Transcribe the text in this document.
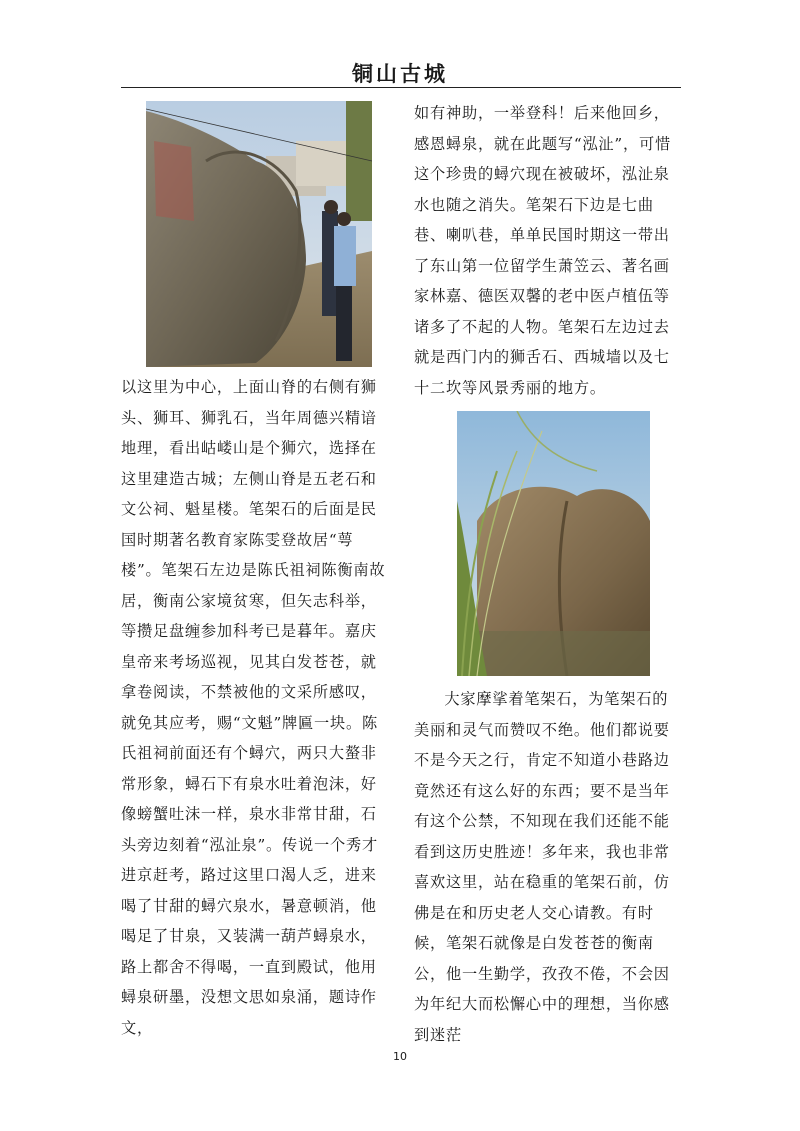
铜山古城

以这里为中心，上面山脊的右侧有狮头、狮耳、狮乳石，当年周德兴精谙地理，看出岵嵝山是个狮穴，选择在这里建造古城；左侧山脊是五老石和文公祠、魁星楼。笔架石的后面是民国时期著名教育家陈雯登故居“萼楼”。笔架石左边是陈氏祖祠陈衡南故居，衡南公家境贫寒，但矢志科举，等攒足盘缠参加科考已是暮年。嘉庆皇帝来考场巡视，见其白发苍苍，就拿卷阅读，不禁被他的文采所感叹，就免其应考，赐“文魁”牌匾一块。陈氏祖祠前面还有个蟳穴，两只大螯非常形象，蟳石下有泉水吐着泡沫，好像螃蟹吐沫一样，泉水非常甘甜，石头旁边刻着“泓沚泉”。传说一个秀才进京赶考，路过这里口渴人乏，进来喝了甘甜的蟳穴泉水，暑意顿消，他喝足了甘泉，又装满一葫芦蟳泉水，路上都舍不得喝，一直到殿试，他用蟳泉研墨，没想文思如泉涌，题诗作文，

如有神助，一举登科！后来他回乡，感恩蟳泉，就在此题写“泓沚”，可惜这个珍贵的蟳穴现在被破坏，泓沚泉水也随之消失。笔架石下边是七曲巷、喇叭巷，单单民国时期这一带出了东山第一位留学生萧笠云、著名画家林嘉、德医双馨的老中医卢植伍等诸多了不起的人物。笔架石左边过去就是西门内的狮舌石、西城墙以及七十二坎等风景秀丽的地方。

大家摩挲着笔架石，为笔架石的美丽和灵气而赞叹不绝。他们都说要不是今天之行，肯定不知道小巷路边竟然还有这么好的东西；要不是当年有这个公禁，不知现在我们还能不能看到这历史胜迹！多年来，我也非常喜欢这里，站在稳重的笔架石前，仿佛是在和历史老人交心请教。有时候，笔架石就像是白发苍苍的衡南公，他一生勤学，孜孜不倦，不会因为年纪大而松懈心中的理想，当你感到迷茫

10
